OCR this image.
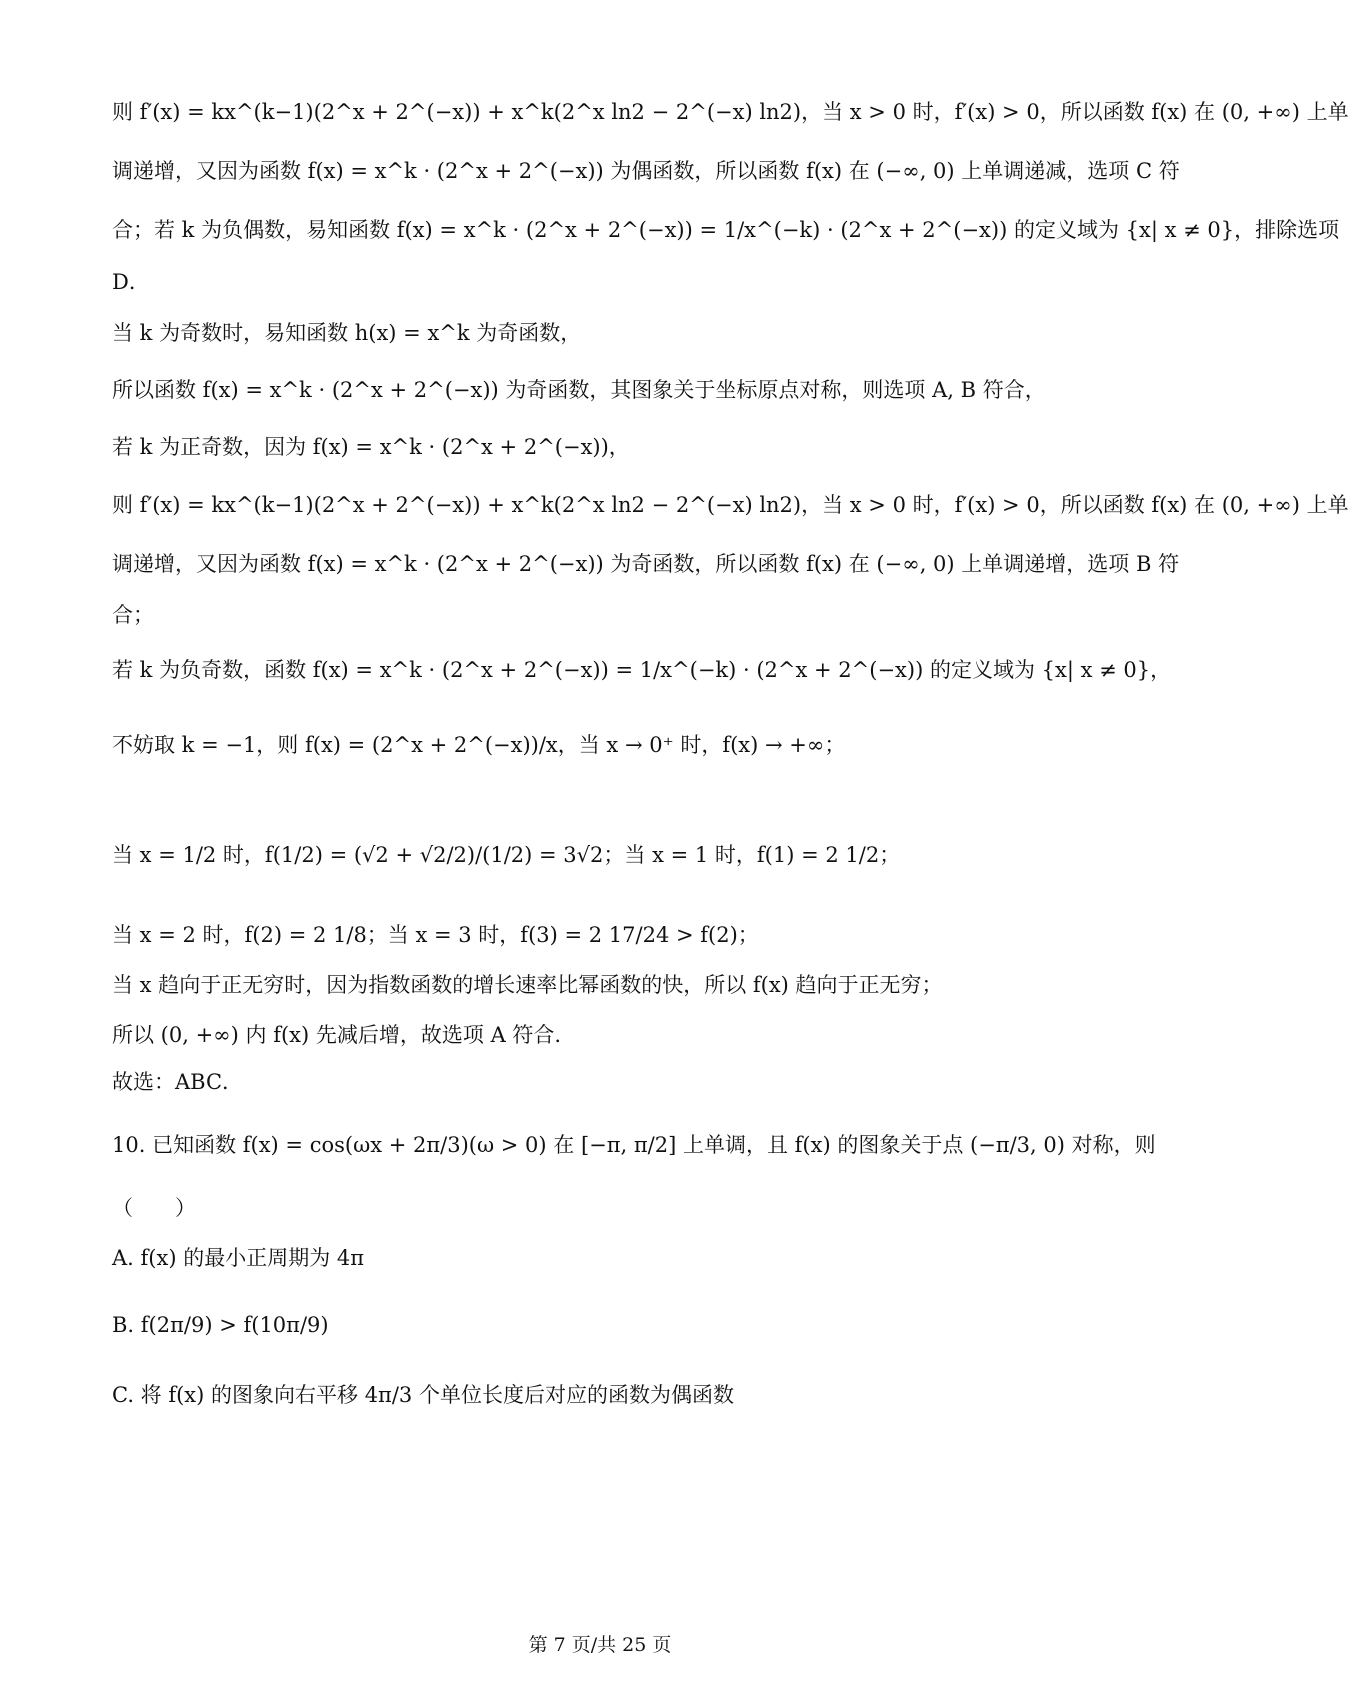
则 f′(x) = kx^(k−1)(2^x + 2^(−x)) + x^k(2^x ln2 − 2^(−x) ln2)，当 x > 0 时，f′(x) > 0，所以函数 f(x) 在 (0, +∞) 上单
调递增，又因为函数 f(x) = x^k · (2^x + 2^(−x)) 为偶函数，所以函数 f(x) 在 (−∞, 0) 上单调递减，选项 C 符
合；若 k 为负偶数，易知函数 f(x) = x^k · (2^x + 2^(−x)) = 1/x^(−k) · (2^x + 2^(−x)) 的定义域为 {x| x ≠ 0}，排除选项
D．
当 k 为奇数时，易知函数 h(x) = x^k 为奇函数，
所以函数 f(x) = x^k · (2^x + 2^(−x)) 为奇函数，其图象关于坐标原点对称，则选项 A, B 符合，
若 k 为正奇数，因为 f(x) = x^k · (2^x + 2^(−x))，
则 f′(x) = kx^(k−1)(2^x + 2^(−x)) + x^k(2^x ln2 − 2^(−x) ln2)，当 x > 0 时，f′(x) > 0，所以函数 f(x) 在 (0, +∞) 上单
调递增，又因为函数 f(x) = x^k · (2^x + 2^(−x)) 为奇函数，所以函数 f(x) 在 (−∞, 0) 上单调递增，选项 B 符
合；
若 k 为负奇数，函数 f(x) = x^k · (2^x + 2^(−x)) = 1/x^(−k) · (2^x + 2^(−x)) 的定义域为 {x| x ≠ 0}，
不妨取 k = −1，则 f(x) = (2^x + 2^(−x))/x，当 x → 0⁺ 时，f(x) → +∞；
当 x = 1/2 时，f(1/2) = (√2 + √2/2)/(1/2) = 3√2；当 x = 1 时，f(1) = 2 1/2；
当 x = 2 时，f(2) = 2 1/8；当 x = 3 时，f(3) = 2 17/24 > f(2)；
当 x 趋向于正无穷时，因为指数函数的增长速率比幂函数的快，所以 f(x) 趋向于正无穷；
所以 (0, +∞) 内 f(x) 先减后增，故选项 A 符合.
故选：ABC．
10. 已知函数 f(x) = cos(ωx + 2π/3)(ω > 0) 在 [−π, π/2] 上单调，且 f(x) 的图象关于点 (−π/3, 0) 对称，则
（　　）
A. f(x) 的最小正周期为 4π
B. f(2π/9) > f(10π/9)
C. 将 f(x) 的图象向右平移 4π/3 个单位长度后对应的函数为偶函数
第 7 页/共 25 页
